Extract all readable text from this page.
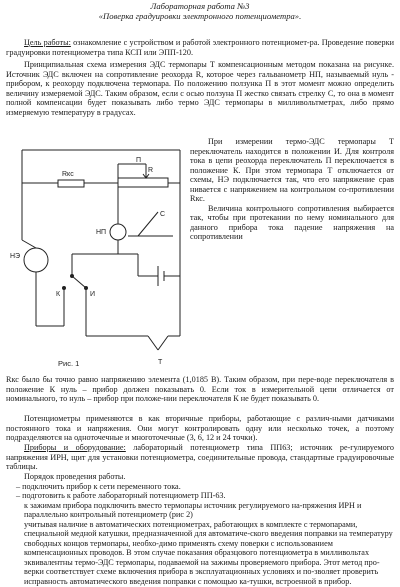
Лабораторная работа №3
«Поверка градуировки электронного потенциометра».

Цель работы: ознакомление с устройством и работой электронного потенциомет-ра. Проведение поверки градуировки потенциометра типа КСП или ЭПП-120.

Принципиальная схема измерения ЭДС термопары Т компенсационным методом показана на рисунке. Источник ЭДС включен на сопротивление реохорда R, которое через гальванометр НП, называемый нуль - прибором, к реохорду подключена термопара. По положению ползунка П в этот момент можно определить величину измеряемой ЭДС. Таким образом, если с осью ползуна П жестко связать стрелку С, то она в момент полной компенсации будет показывать либо термо ЭДС термопары в милливольтметрах, либо прямо измеряемую температуру в градусах.

Rкс
R
П
С
НЭ
НП
К	И
Т
Рис. 1

При измерении термо-ЭДС термопары Т переключатель находится в положении И. Для контроля тока в цепи реохорда переключатель П переключается в положение К. При этом термопара Т отключается от схемы, НЭ подключается так, что его напряжение срав нивается с напряжением на контрольном со-противлении Rкс.

Величина контрольного сопротивления выбирается так, чтобы при протекании по нему номинального для данного прибора тока падение напряжения на сопротивлении

Rкс было бы точно равно напряжению элемента (1,0185 В). Таким образом, при пере-воде переключателя в положение К нуль – прибор должен показывать 0. Если ток в измерительной цепи отличается от номинального, то нуль – прибор при положе-нии переключателя К не будет показывать 0.

Потенциометры применяются в как вторичные приборы, работающие с различ-ными датчиками постоянного тока и напряжения. Они могут контролировать одну или несколько точек, а поэтому подразделяются на одноточечные и многоточечные (3, 6, 12 и 24 точки).

Приборы и оборудование: лабораторный потенциометр типа ПП63; источник ре-гулируемого напряжения ИРН, щит для установки потенциометра, соединительные провода, стандартные градуировочные таблицы.

Порядок проведения работы.

– подключить прибор к сети переменного тока.
– подготовить к работе лабораторный потенциометр ПП-63.
к зажимам прибора подключить вместо термопары источник регулируемого на-пряжения ИРН и параллельно контрольный потенциометр (рис 2)
учитывая наличие в автоматических потенциометрах, работающих в комплекте с термопарами, специальной медной катушки, предназначенной для автоматиче-ского введения поправки на температуру свободных концов термопары, необхо-димо применять схему поверки с использованием компенсационных проводов. В этом случае показания образцового потенциометра в милливольтах эквивалентны термо-ЭДС термопары, подаваемой на зажимы проверяемого прибора. Этот метод про-верки соответствует схеме включения прибора в эксплуатационных условиях и по-зволяет проверить исправность автоматического введения поправки с помощью ка-тушки, встроенной в прибор.
